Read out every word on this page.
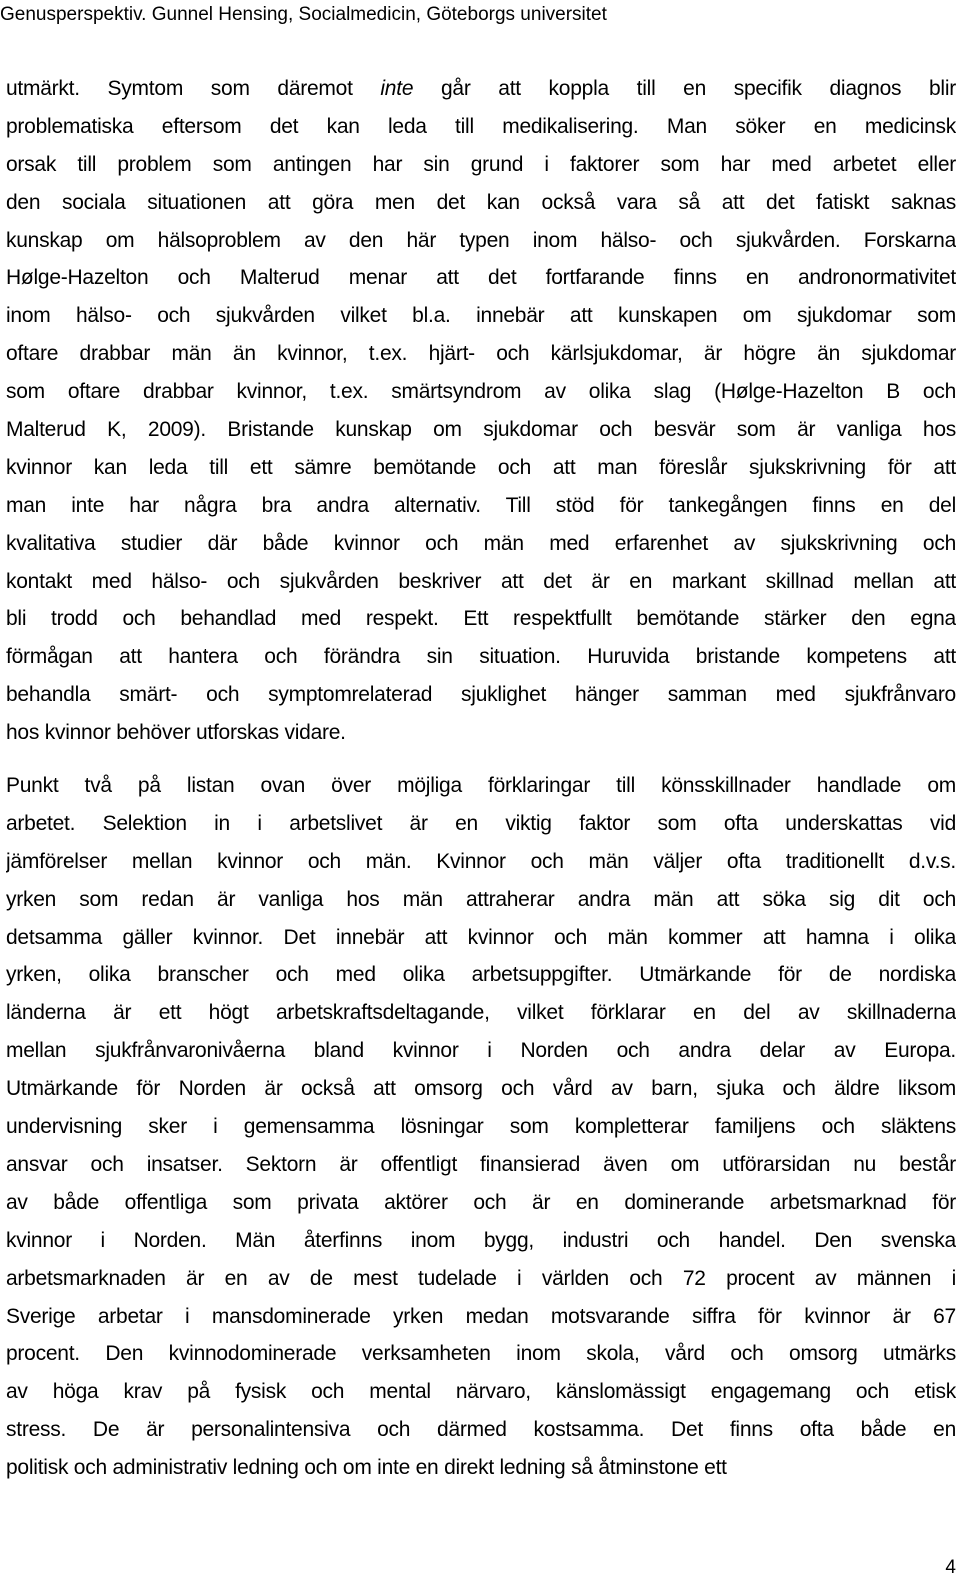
Genusperspektiv. Gunnel Hensing, Socialmedicin, Göteborgs universitet
utmärkt. Symtom som däremot inte går att koppla till en specifik diagnos blir
problematiska eftersom det kan leda till medikalisering. Man söker en medicinsk
orsak till problem som antingen har sin grund i faktorer som har med arbetet eller
den sociala situationen att göra men det kan också vara så att det fatiskt saknas
kunskap om hälsoproblem av den här typen inom hälso- och sjukvården. Forskarna
Hølge-Hazelton och Malterud menar att det fortfarande finns en andronormativitet
inom hälso- och sjukvården vilket bl.a. innebär att kunskapen om sjukdomar som
oftare drabbar män än kvinnor, t.ex. hjärt- och kärlsjukdomar, är högre än sjukdomar
som oftare drabbar kvinnor, t.ex. smärtsyndrom av olika slag (Hølge-Hazelton B och
Malterud K, 2009). Bristande kunskap om sjukdomar och besvär som är vanliga hos
kvinnor kan leda till ett sämre bemötande och att man föreslår sjukskrivning för att
man inte har några bra andra alternativ. Till stöd för tankegången finns en del
kvalitativa studier där både kvinnor och män med erfarenhet av sjukskrivning och
kontakt med hälso- och sjukvården beskriver att det är en markant skillnad mellan att
bli trodd och behandlad med respekt. Ett respektfullt bemötande stärker den egna
förmågan att hantera och förändra sin situation. Huruvida bristande kompetens att
behandla smärt- och symptomrelaterad sjuklighet hänger samman med sjukfrånvaro
hos kvinnor behöver utforskas vidare.
Punkt två på listan ovan över möjliga förklaringar till könsskillnader handlade om
arbetet. Selektion in i arbetslivet är en viktig faktor som ofta underskattas vid
jämförelser mellan kvinnor och män. Kvinnor och män väljer ofta traditionellt d.v.s.
yrken som redan är vanliga hos män attraherar andra män att söka sig dit och
detsamma gäller kvinnor. Det innebär att kvinnor och män kommer att hamna i olika
yrken, olika branscher och med olika arbetsuppgifter. Utmärkande för de nordiska
länderna är ett högt arbetskraftsdeltagande, vilket förklarar en del av skillnaderna
mellan sjukfrånvaronivåerna bland kvinnor i Norden och andra delar av Europa.
Utmärkande för Norden är också att omsorg och vård av barn, sjuka och äldre liksom
undervisning sker i gemensamma lösningar som kompletterar familjens och släktens
ansvar och insatser. Sektorn är offentligt finansierad även om utförarsidan nu består
av både offentliga som privata aktörer och är en dominerande arbetsmarknad för
kvinnor i Norden. Män återfinns inom bygg, industri och handel. Den svenska
arbetsmarknaden är en av de mest tudelade i världen och 72 procent av männen i
Sverige arbetar i mansdominerade yrken medan motsvarande siffra för kvinnor är 67
procent. Den kvinnodominerade verksamheten inom skola, vård och omsorg utmärks
av höga krav på fysisk och mental närvaro, känslomässigt engagemang och etisk
stress. De är personalintensiva och därmed kostsamma. Det finns ofta både en
politisk och administrativ ledning och om inte en direkt ledning så åtminstone ett
4
